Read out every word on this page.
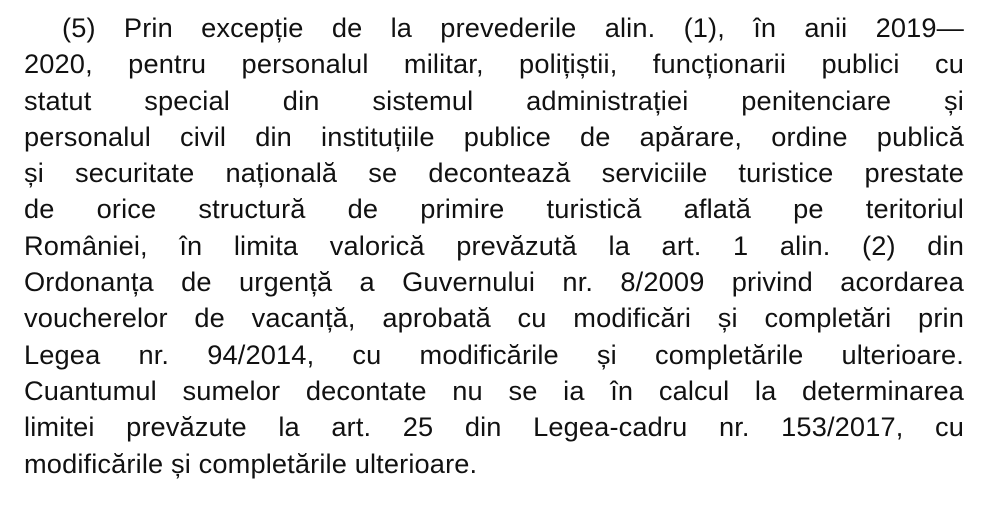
(5) Prin excepție de la prevederile alin. (1), în anii 2019—
2020, pentru personalul militar, polițiștii, funcționarii publici cu
statut special din sistemul administrației penitenciare și
personalul civil din instituțiile publice de apărare, ordine publică
și securitate națională se decontează serviciile turistice prestate
de orice structură de primire turistică aflată pe teritoriul
României, în limita valorică prevăzută la art. 1 alin. (2) din
Ordonanța de urgență a Guvernului nr. 8/2009 privind acordarea
voucherelor de vacanță, aprobată cu modificări și completări prin
Legea nr. 94/2014, cu modificările și completările ulterioare.
Cuantumul sumelor decontate nu se ia în calcul la determinarea
limitei prevăzute la art. 25 din Legea-cadru nr. 153/2017, cu
modificările și completările ulterioare.
